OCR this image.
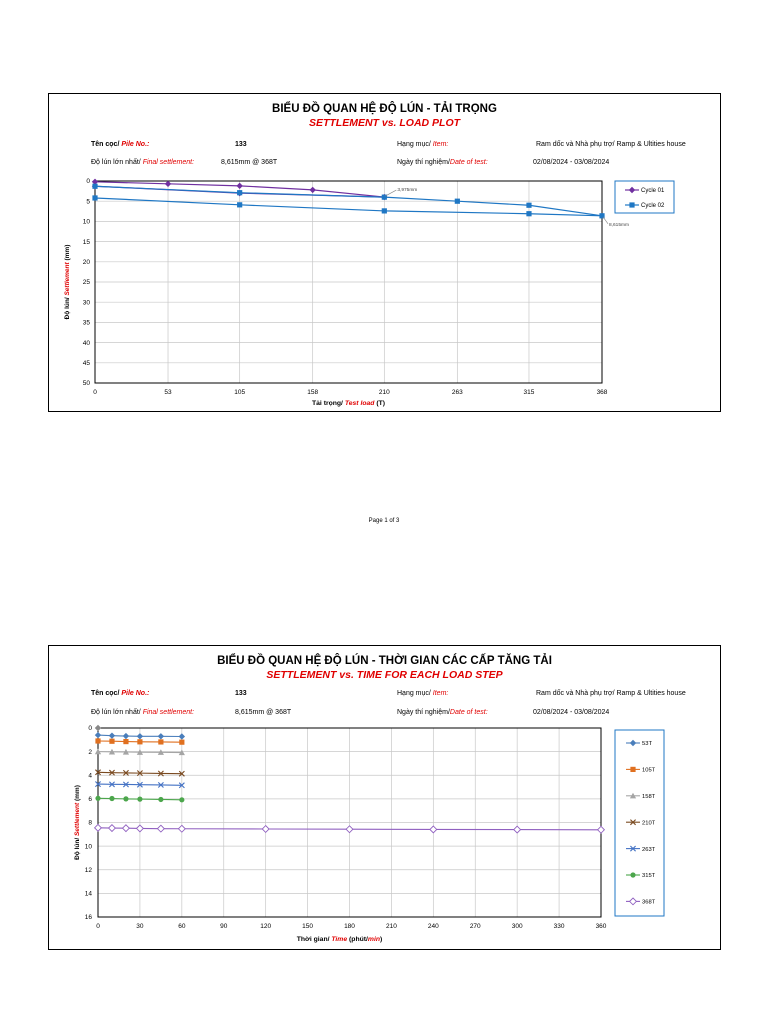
BIỂU ĐỒ QUAN HỆ ĐỘ LÚN - TẢI TRỌNG
SETTLEMENT vs. LOAD PLOT
Tên cọc/ Pile No.:	133	Hạng mục/ Item:	Ram dốc và Nhà phụ trợ/ Ramp & Ultities house
Độ lún lớn nhất/ Final settlement:	8,615mm @ 368T	Ngày thí nghiệm/Date of test:	02/08/2024 - 03/08/2024
0
5
10
15
20
25
30
35
40
45
50
0	53	105	158	210	263	315	368
3,975mm
8,615mm
Cycle 01
Cycle 02
Tải trọng/ Test load (T)
Độ lún/ Settlement (mm)
Page 1 of 3
BIỂU ĐỒ QUAN HỆ ĐỘ LÚN - THỜI GIAN CÁC CẤP TĂNG TẢI
SETTLEMENT vs. TIME FOR EACH LOAD STEP
Tên cọc/ Pile No.:	133	Hạng mục/ Item:	Ram dốc và Nhà phụ trợ/ Ramp & Ultities house
Độ lún lớn nhất/ Final settlement:	8,615mm @ 368T	Ngày thí nghiệm/Date of test:	02/08/2024 - 03/08/2024
0
2
4
6
8
10
12
14
16
0	30	60	90	120	150	180	210	240	270	300	330	360
53T
105T
158T
210T
263T
315T
368T
Thời gian/ Time (phút/min)
Độ lún/ Settlement (mm)
